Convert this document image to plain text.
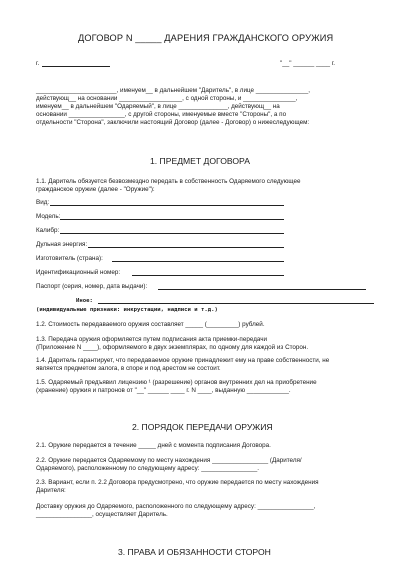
ДОГОВОР N _____ ДАРЕНИЯ ГРАЖДАНСКОГО ОРУЖИЯ
г.	"__" ______ ____ г.
_______________________, именуем__ в дальнейшем "Даритель", в лице _______________,
действующ__ на основании __________________, с одной стороны, и _______________,
именуем__ в дальнейшем "Одаряемый", в лице ______________, действующ__ на
основании ________________, с другой стороны, именуемые вместе "Стороны", а по
отдельности "Сторона", заключили настоящий Договор (далее - Договор) о нижеследующем:
1. ПРЕДМЕТ ДОГОВОРА
1.1. Даритель обязуется безвозмездно передать в собственность Одаряемого следующее
гражданское оружие (далее - "Оружие"):
Вид:
Модель:
Калибр:
Дульная энергия:
Изготовитель (страна):
Идентификационный номер:
Паспорт (серия, номер, дата выдачи):
Иное:
(индивидуальные признаки: инкрустации, надписи и т.д.)
1.2. Стоимость передаваемого оружия составляет _____ (_________) рублей.
1.3. Передача оружия оформляется путем подписания акта приемки-передачи
(Приложение N ____), оформляемого в двух экземплярах, по одному для каждой из Сторон.
1.4. Даритель гарантирует, что передаваемое оружие принадлежит ему на праве собственности, не
является предметом залога, в споре и под арестом не состоит.
1.5. Одаряемый предъявил лицензию ¹ (разрешение) органов внутренних дел на приобретение
(хранение) оружия и патронов от "__" ______ ____ г. N ____, выданную ____________.
2. ПОРЯДОК ПЕРЕДАЧИ ОРУЖИЯ
2.1. Оружие передается в течение _____ дней с момента подписания Договора.
2.2. Оружие передается Одаряемому по месту нахождения ________________ (Дарителя/
Одаряемого), расположенному по следующему адресу: ________________.
2.3. Вариант, если п. 2.2 Договора предусмотрено, что оружие передается по месту нахождения
Дарителя:
Доставку оружия до Одаряемого, расположенного по следующему адресу: ________________,
________________, осуществляет Даритель.
3. ПРАВА И ОБЯЗАННОСТИ СТОРОН
